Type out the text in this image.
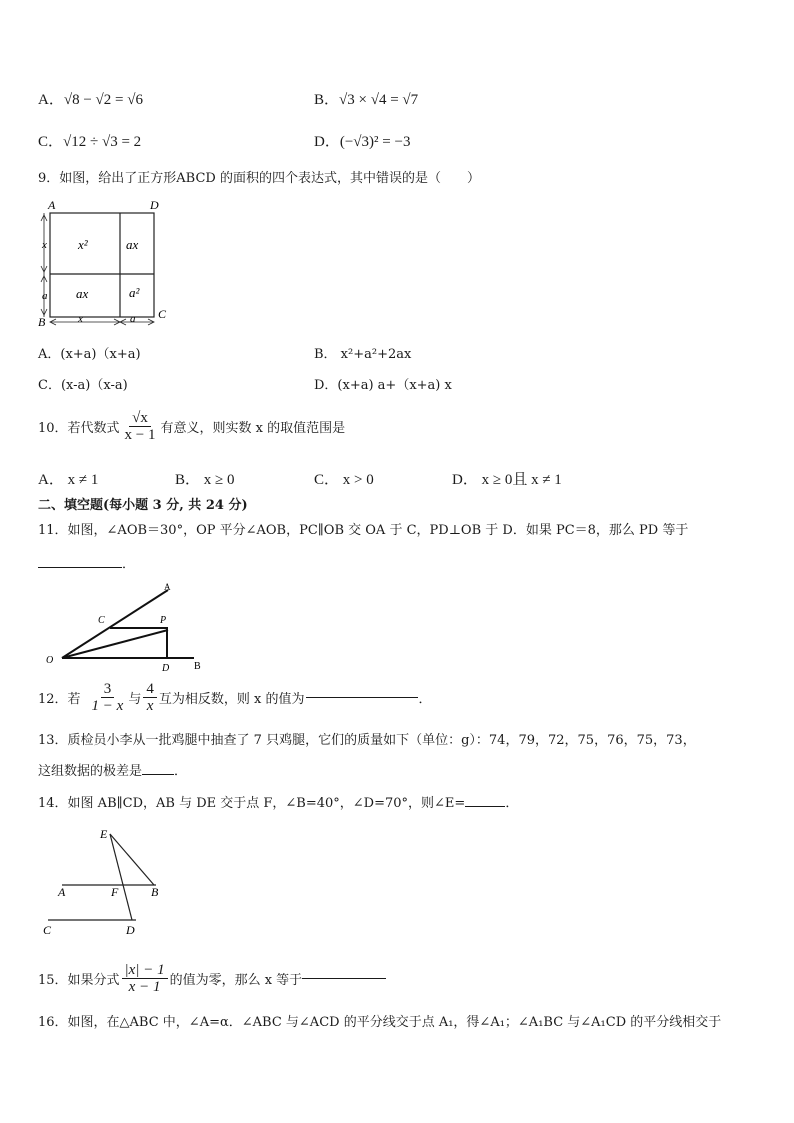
A．√8 − √2 = √6	B．√3 × √4 = √7
C．√12 ÷ √3 = 2	D．(−√3)² = −3
9．如图，给出了正方形ABCD 的面积的四个表达式，其中错误的是（　　）
A	D
B
C
x²	ax
ax	a²
x
a
x	a
A．(x+a)（x+a)	B． x²+a²+2ax
C．(x-a)（x-a)	D．(x+a) a+（x+a) x
10．若代数式 $\frac{√x}{x - 1}$ 有意义，则实数 x 的取值范围是
A． x ≠ 1	B． x ≥ 0	C． x > 0	D． x ≥ 0且 x ≠ 1
二、填空题(每小题 3 分, 共 24 分)
11．如图，∠AOB＝30°，OP 平分∠AOB，PC∥OB 交 OA 于 C，PD⊥OB 于 D．如果 PC＝8，那么 PD 等于
．
A
B
C
D
O
P
12．若 $\frac{3}{1 - x}$ 与 $\frac{4}{x}$ 互为相反数，则 x 的值为	．
13．质检员小李从一批鸡腿中抽查了 7 只鸡腿，它们的质量如下（单位：g）：74，79，72，75，76，75，73，
这组数据的极差是 ．
14．如图 AB∥CD，AB 与 DE 交于点 F，∠B=40°，∠D=70°，则∠E=	．
E
A	F	B
C	D
15．如果分式 $\frac{|x| - 1}{x - 1}$ 的值为零，那么 x 等于
16．如图，在△ABC 中，∠A=α．∠ABC 与∠ACD 的平分线交于点 A₁，得∠A₁；∠A₁BC 与∠A₁CD 的平分线相交于
